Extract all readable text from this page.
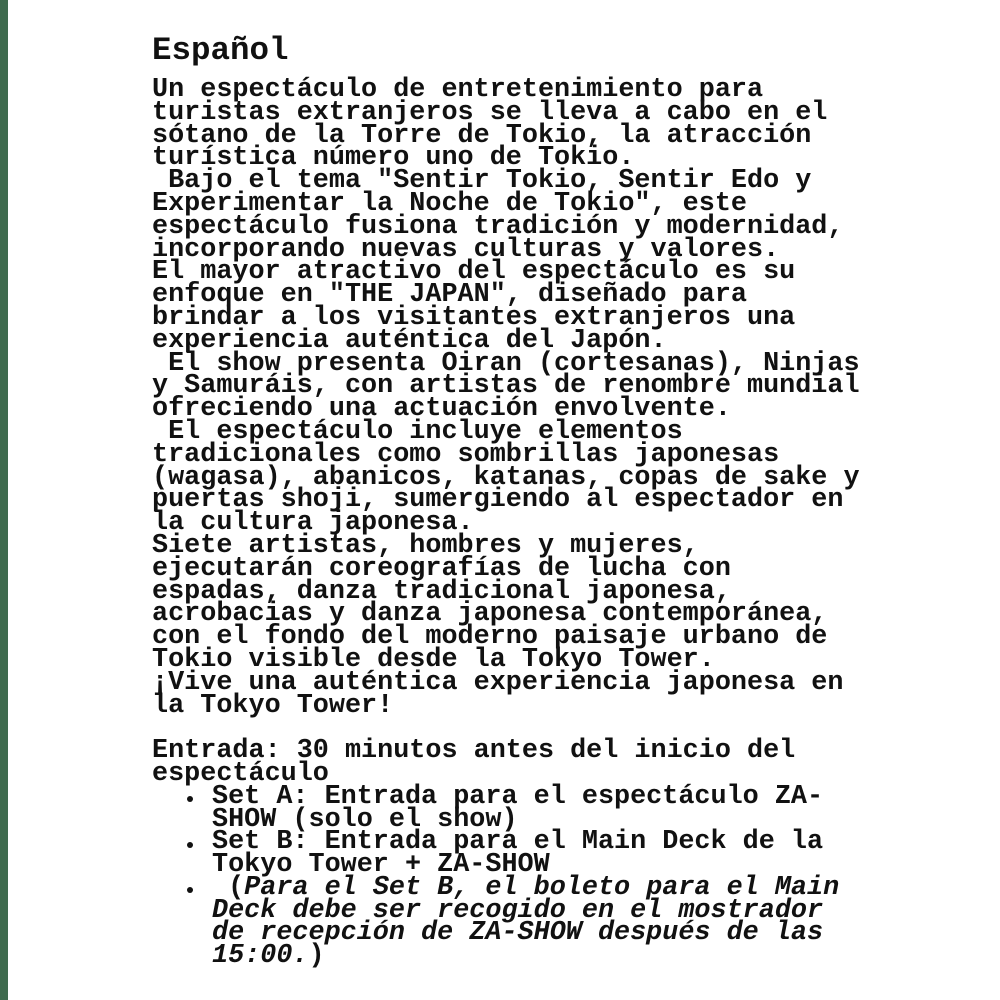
Español
Un espectáculo de entretenimiento para
turistas extranjeros se lleva a cabo en el
sótano de la Torre de Tokio, la atracción
turística número uno de Tokio.
Bajo el tema "Sentir Tokio, Sentir Edo y
Experimentar la Noche de Tokio", este
espectáculo fusiona tradición y modernidad,
incorporando nuevas culturas y valores.
El mayor atractivo del espectáculo es su
enfoque en "THE JAPAN", diseñado para
brindar a los visitantes extranjeros una
experiencia auténtica del Japón.
El show presenta Oiran (cortesanas), Ninjas
y Samuráis, con artistas de renombre mundial
ofreciendo una actuación envolvente.
El espectáculo incluye elementos
tradicionales como sombrillas japonesas
(wagasa), abanicos, katanas, copas de sake y
puertas shoji, sumergiendo al espectador en
la cultura japonesa.
Siete artistas, hombres y mujeres,
ejecutarán coreografías de lucha con
espadas, danza tradicional japonesa,
acrobacias y danza japonesa contemporánea,
con el fondo del moderno paisaje urbano de
Tokio visible desde la Tokyo Tower.
¡Vive una auténtica experiencia japonesa en
la Tokyo Tower!
Entrada: 30 minutos antes del inicio del
espectáculo
Set A: Entrada para el espectáculo ZA-
SHOW (solo el show)
Set B: Entrada para el Main Deck de la
Tokyo Tower + ZA-SHOW
(Para el Set B, el boleto para el Main
Deck debe ser recogido en el mostrador
de recepción de ZA-SHOW después de las
15:00.)
